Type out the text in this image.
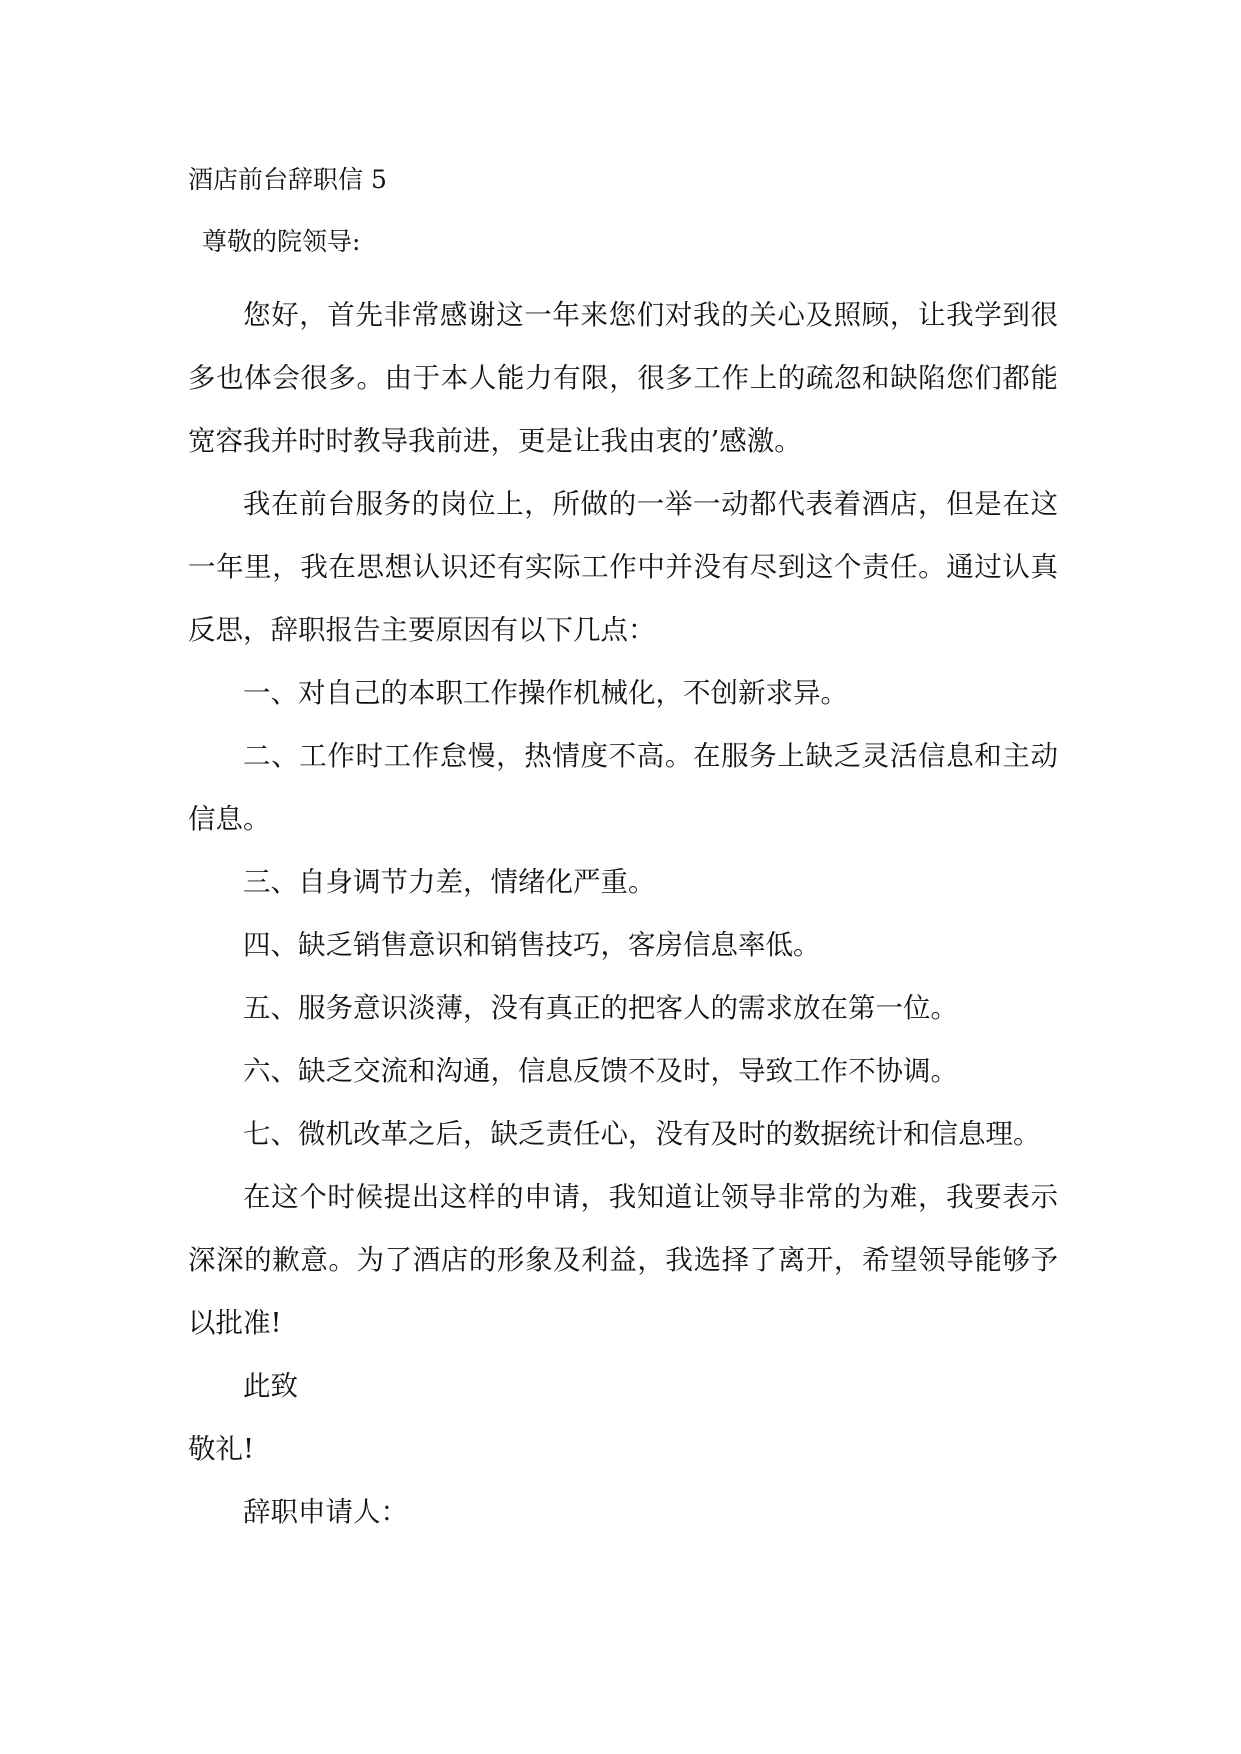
酒店前台辞职信 5
尊敬的院领导:

您好，首先非常感谢这一年来您们对我的关心及照顾，让我学到很多也体会很多。由于本人能力有限，很多工作上的疏忽和缺陷您们都能宽容我并时时教导我前进，更是让我由衷的’感激。

我在前台服务的岗位上，所做的一举一动都代表着酒店，但是在这一年里，我在思想认识还有实际工作中并没有尽到这个责任。通过认真反思，辞职报告主要原因有以下几点：

一、对自己的本职工作操作机械化，不创新求异。

二、工作时工作怠慢，热情度不高。在服务上缺乏灵活信息和主动信息。

三、自身调节力差，情绪化严重。

四、缺乏销售意识和销售技巧，客房信息率低。

五、服务意识淡薄，没有真正的把客人的需求放在第一位。

六、缺乏交流和沟通，信息反馈不及时，导致工作不协调。

七、微机改革之后，缺乏责任心，没有及时的数据统计和信息理。

在这个时候提出这样的申请，我知道让领导非常的为难，我要表示深深的歉意。为了酒店的形象及利益，我选择了离开，希望领导能够予以批准!

此致

敬礼!

辞职申请人：
